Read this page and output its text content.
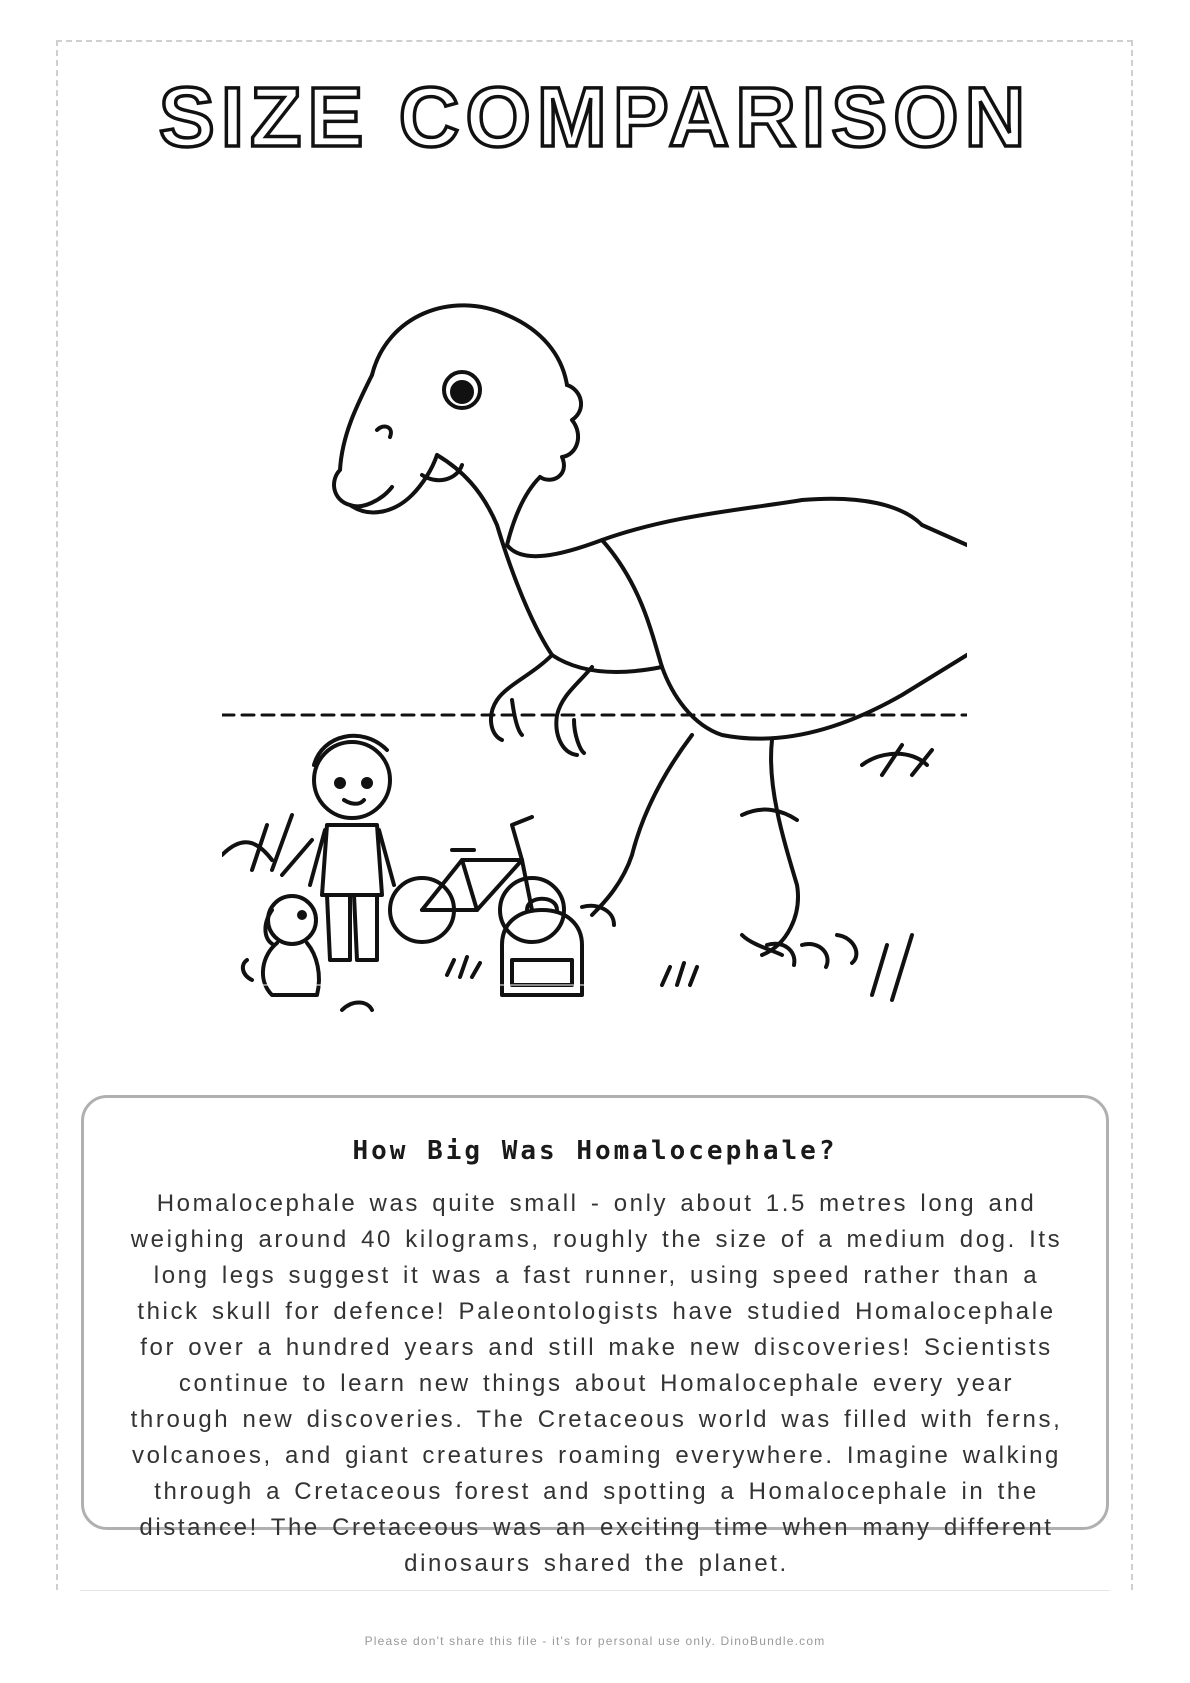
SIZE COMPARISON
How Big Was Homalocephale?

Homalocephale was quite small - only about 1.5 metres long and weighing around 40 kilograms, roughly the size of a medium dog. Its long legs suggest it was a fast runner, using speed rather than a thick skull for defence! Paleontologists have studied Homalocephale for over a hundred years and still make new discoveries! Scientists continue to learn new things about Homalocephale every year through new discoveries. The Cretaceous world was filled with ferns, volcanoes, and giant creatures roaming everywhere. Imagine walking through a Cretaceous forest and spotting a Homalocephale in the distance! The Cretaceous was an exciting time when many different dinosaurs shared the planet.

Please don't share this file - it's for personal use only. DinoBundle.com
